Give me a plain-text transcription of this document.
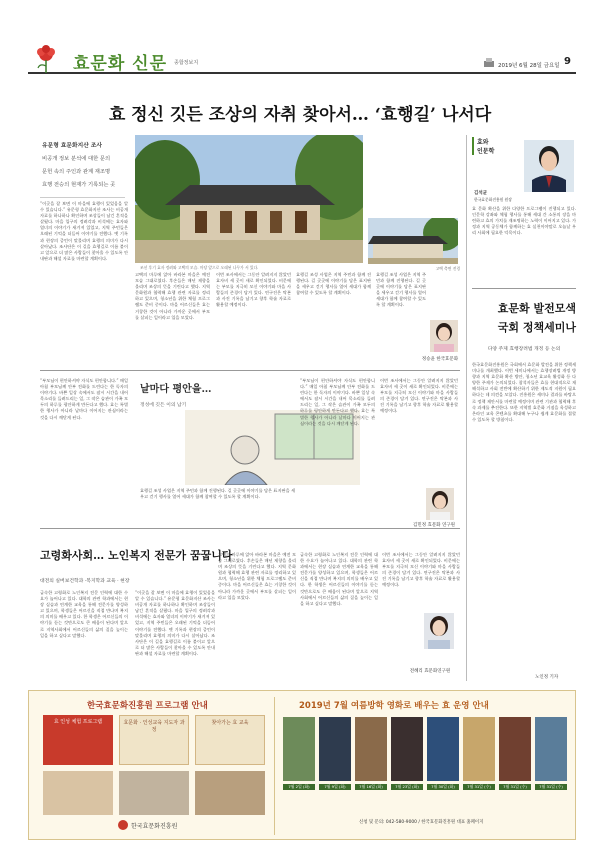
효문화 신문 종합정보지	2019년 6월 28일 금요일 9
효 정신 깃든 조상의 자취 찾아서… ‘효행길’ 나서다
유문형 효문화지산 조사
비공개 정보 분석에 대한 문의
문헌 속의 주인과 관계 재조명
효행 전승의 현재가 기록되는 곳
“이곳을 잘 보면 이 마을에 효행이 있었음을 알 수 있습니다.” 유문형 효문화지산 조사는 비공개 자료를 하나하나 확인하며 조상들이 남긴 흔적을 살폈다. 마을 입구의 정려각과 비석에는 효자와 열녀의 이야기가 새겨져 있었고, 지역 주민들은 오래된 기억을 더듬어 이야기를 전했다. 옛 기록과 현장의 증언이 맞물리며 효행의 의미가 다시 살아났다. 조사단은 이 길을 효행길로 이름 붙이고 앞으로 더 많은 사람들이 찾아올 수 있도록 안내판과 해설 자료를 마련할 계획이다.
조선 후기 효자 정려와 고택의 모습. 마당 앞으로 오래된 나무가 서 있다.	고택 측면 전경
고택의 마루에 앉아 바라본 마을은 예전 모습 그대로였다. 후손들은 매년 제향을 올리며 조상의 뜻을 기린다고 했다. 지역 문화원과 협력해 효행 관련 자료를 정리하고 있으며, 청소년을 위한 체험 프로그램도 준비 중이다. 마을 어르신들은 효는 거창한 것이 아니라 가까운 곳에서 부모를 살피는 일이라고 입을 모았다.
이번 조사에서는 그동안 알려지지 않았던 효자비 세 곳이 새로 확인되었다. 비문에는 부모를 지극히 모신 이야기와 마을 사람들의 존경이 담겨 있다. 연구진은 탁본과 사진 기록을 남기고 향후 학술 자료로 활용할 예정이다.
효행길 조성 사업은 지역 주민과 함께 진행된다. 길 곳곳에 이야기를 담은 표지판을 세우고 걷기 행사를 열어 세대가 함께 참여할 수 있도록 할 계획이다.
효행길 조성 사업은 지역 주민과 함께 진행된다. 길 곳곳에 이야기를 담은 표지판을 세우고 걷기 행사를 열어 세대가 함께 참여할 수 있도록 할 계획이다.
정승윤 한국효문화
효와
인문학
김석균
한국효문화진흥원 원장
효 문화 확산을 위한 다양한 프로그램이 진행되고 있다. 인문학 강좌와 체험 행사를 통해 세대 간 소통의 장을 마련하고 효의 가치를 재조명하는 노력이 이어지고 있다. 가정과 지역 공동체가 함께하는 효 실천이야말로 오늘날 우리 사회에 필요한 덕목이다.
효문화 발전모색
국회 정책세미나
다양 주제 효행장려법 개정 등 논의
한국효문화진흥원은 국회에서 효문화 발전을 위한 정책세미나를 개최했다. 이번 세미나에서는 효행장려법 개정 방향과 지역 효문화 확산 방안, 청소년 효교육 활성화 등 다양한 주제가 논의되었다. 참석자들은 효를 현대적으로 재해석하고 사회 전반에 확산하기 위한 제도적 지원이 필요하다는 데 의견을 모았다. 진흥원은 세미나 결과를 바탕으로 정책 제안서를 마련할 예정이며 관련 기관과 협력해 후속 과제를 추진한다. 또한 지역별 효문화 거점을 육성하고 온라인 교육 콘텐츠를 확대해 누구나 쉽게 효문화를 접할 수 있도록 할 방침이다.
노인정 기자
“부모님이 편안하셔야 자식도 편안합니다.” 매일 아침 부모님께 안부 전화를 드린다는 한 독자의 이야기다. 바쁜 일상 속에서도 잠시 시간을 내어 목소리를 들려드리는 일, 그 작은 습관이 가족 모두의 하루를 평안하게 만든다고 했다. 효는 특별한 행사가 아니라 날마다 이어지는 관심이라는 것을 다시 깨닫게 된다.
날마다 평안을…
정성에 깃든 이의 납기
“부모님이 편안하셔야 자식도 편안합니다.” 매일 아침 부모님께 안부 전화를 드린다는 한 독자의 이야기다. 바쁜 일상 속에서도 잠시 시간을 내어 목소리를 들려드리는 일, 그 작은 습관이 가족 모두의 하루를 평안하게 만든다고 했다. 효는 특별한 행사가 아니라 날마다 이어지는 관심이라는 것을 다시 깨닫게 된다.
이번 조사에서는 그동안 알려지지 않았던 효자비 세 곳이 새로 확인되었다. 비문에는 부모를 지극히 모신 이야기와 마을 사람들의 존경이 담겨 있다. 연구진은 탁본과 사진 기록을 남기고 향후 학술 자료로 활용할 예정이다.
효행길 조성 사업은 지역 주민과 함께 진행된다. 길 곳곳에 이야기를 담은 표지판을 세우고 걷기 행사를 열어 세대가 함께 참여할 수 있도록 할 계획이다.
김민정 효문화 연구원
고령화사회… 노인복지 전문가 꿈꿉니다
대전의 실버보건학과 ·복지학과 교육 · 현장
급속한 고령화로 노인복지 전문 인력에 대한 수요가 늘어나고 있다. 대학의 관련 학과에서는 현장 실습과 연계한 교육을 통해 전문가를 양성하고 있으며, 학생들은 어르신을 직접 만나며 복지의 의미를 배우고 있다. 한 학생은 어르신들의 이야기를 듣는 것만으로도 큰 배움이 된다며 앞으로 지역사회에서 어르신들의 삶의 질을 높이는 일을 하고 싶다고 말했다.
“이곳을 잘 보면 이 마을에 효행이 있었음을 알 수 있습니다.” 유문형 효문화지산 조사는 비공개 자료를 하나하나 확인하며 조상들이 남긴 흔적을 살폈다. 마을 입구의 정려각과 비석에는 효자와 열녀의 이야기가 새겨져 있었고, 지역 주민들은 오래된 기억을 더듬어 이야기를 전했다. 옛 기록과 현장의 증언이 맞물리며 효행의 의미가 다시 살아났다. 조사단은 이 길을 효행길로 이름 붙이고 앞으로 더 많은 사람들이 찾아올 수 있도록 안내판과 해설 자료를 마련할 계획이다.
고택의 마루에 앉아 바라본 마을은 예전 모습 그대로였다. 후손들은 매년 제향을 올리며 조상의 뜻을 기린다고 했다. 지역 문화원과 협력해 효행 관련 자료를 정리하고 있으며, 청소년을 위한 체험 프로그램도 준비 중이다. 마을 어르신들은 효는 거창한 것이 아니라 가까운 곳에서 부모를 살피는 일이라고 입을 모았다.
급속한 고령화로 노인복지 전문 인력에 대한 수요가 늘어나고 있다. 대학의 관련 학과에서는 현장 실습과 연계한 교육을 통해 전문가를 양성하고 있으며, 학생들은 어르신을 직접 만나며 복지의 의미를 배우고 있다. 한 학생은 어르신들의 이야기를 듣는 것만으로도 큰 배움이 된다며 앞으로 지역사회에서 어르신들의 삶의 질을 높이는 일을 하고 싶다고 말했다.
이번 조사에서는 그동안 알려지지 않았던 효자비 세 곳이 새로 확인되었다. 비문에는 부모를 지극히 모신 이야기와 마을 사람들의 존경이 담겨 있다. 연구진은 탁본과 사진 기록을 남기고 향후 학술 자료로 활용할 예정이다.
전혜리 효문화연구원
한국효문화진흥원 프로그램 안내
효 인성 체험 프로그램	효문화 · 인성교육 지도자 과정
찾아가는 효 교육
한국효문화진흥원
2019년 7월 여름방학 영화로 배우는 효 운영 안내
7월 2일 (화)	7월 9일 (화)	7월 16일 (화)	7월 23일 (화)	7월 30일 (화)	7월 31일 (수)	7월 31일 (수)	7월 31일 (수)
신청 및 문의: 042-580-9000 / 한국효문화진흥원 대표 홈페이지
